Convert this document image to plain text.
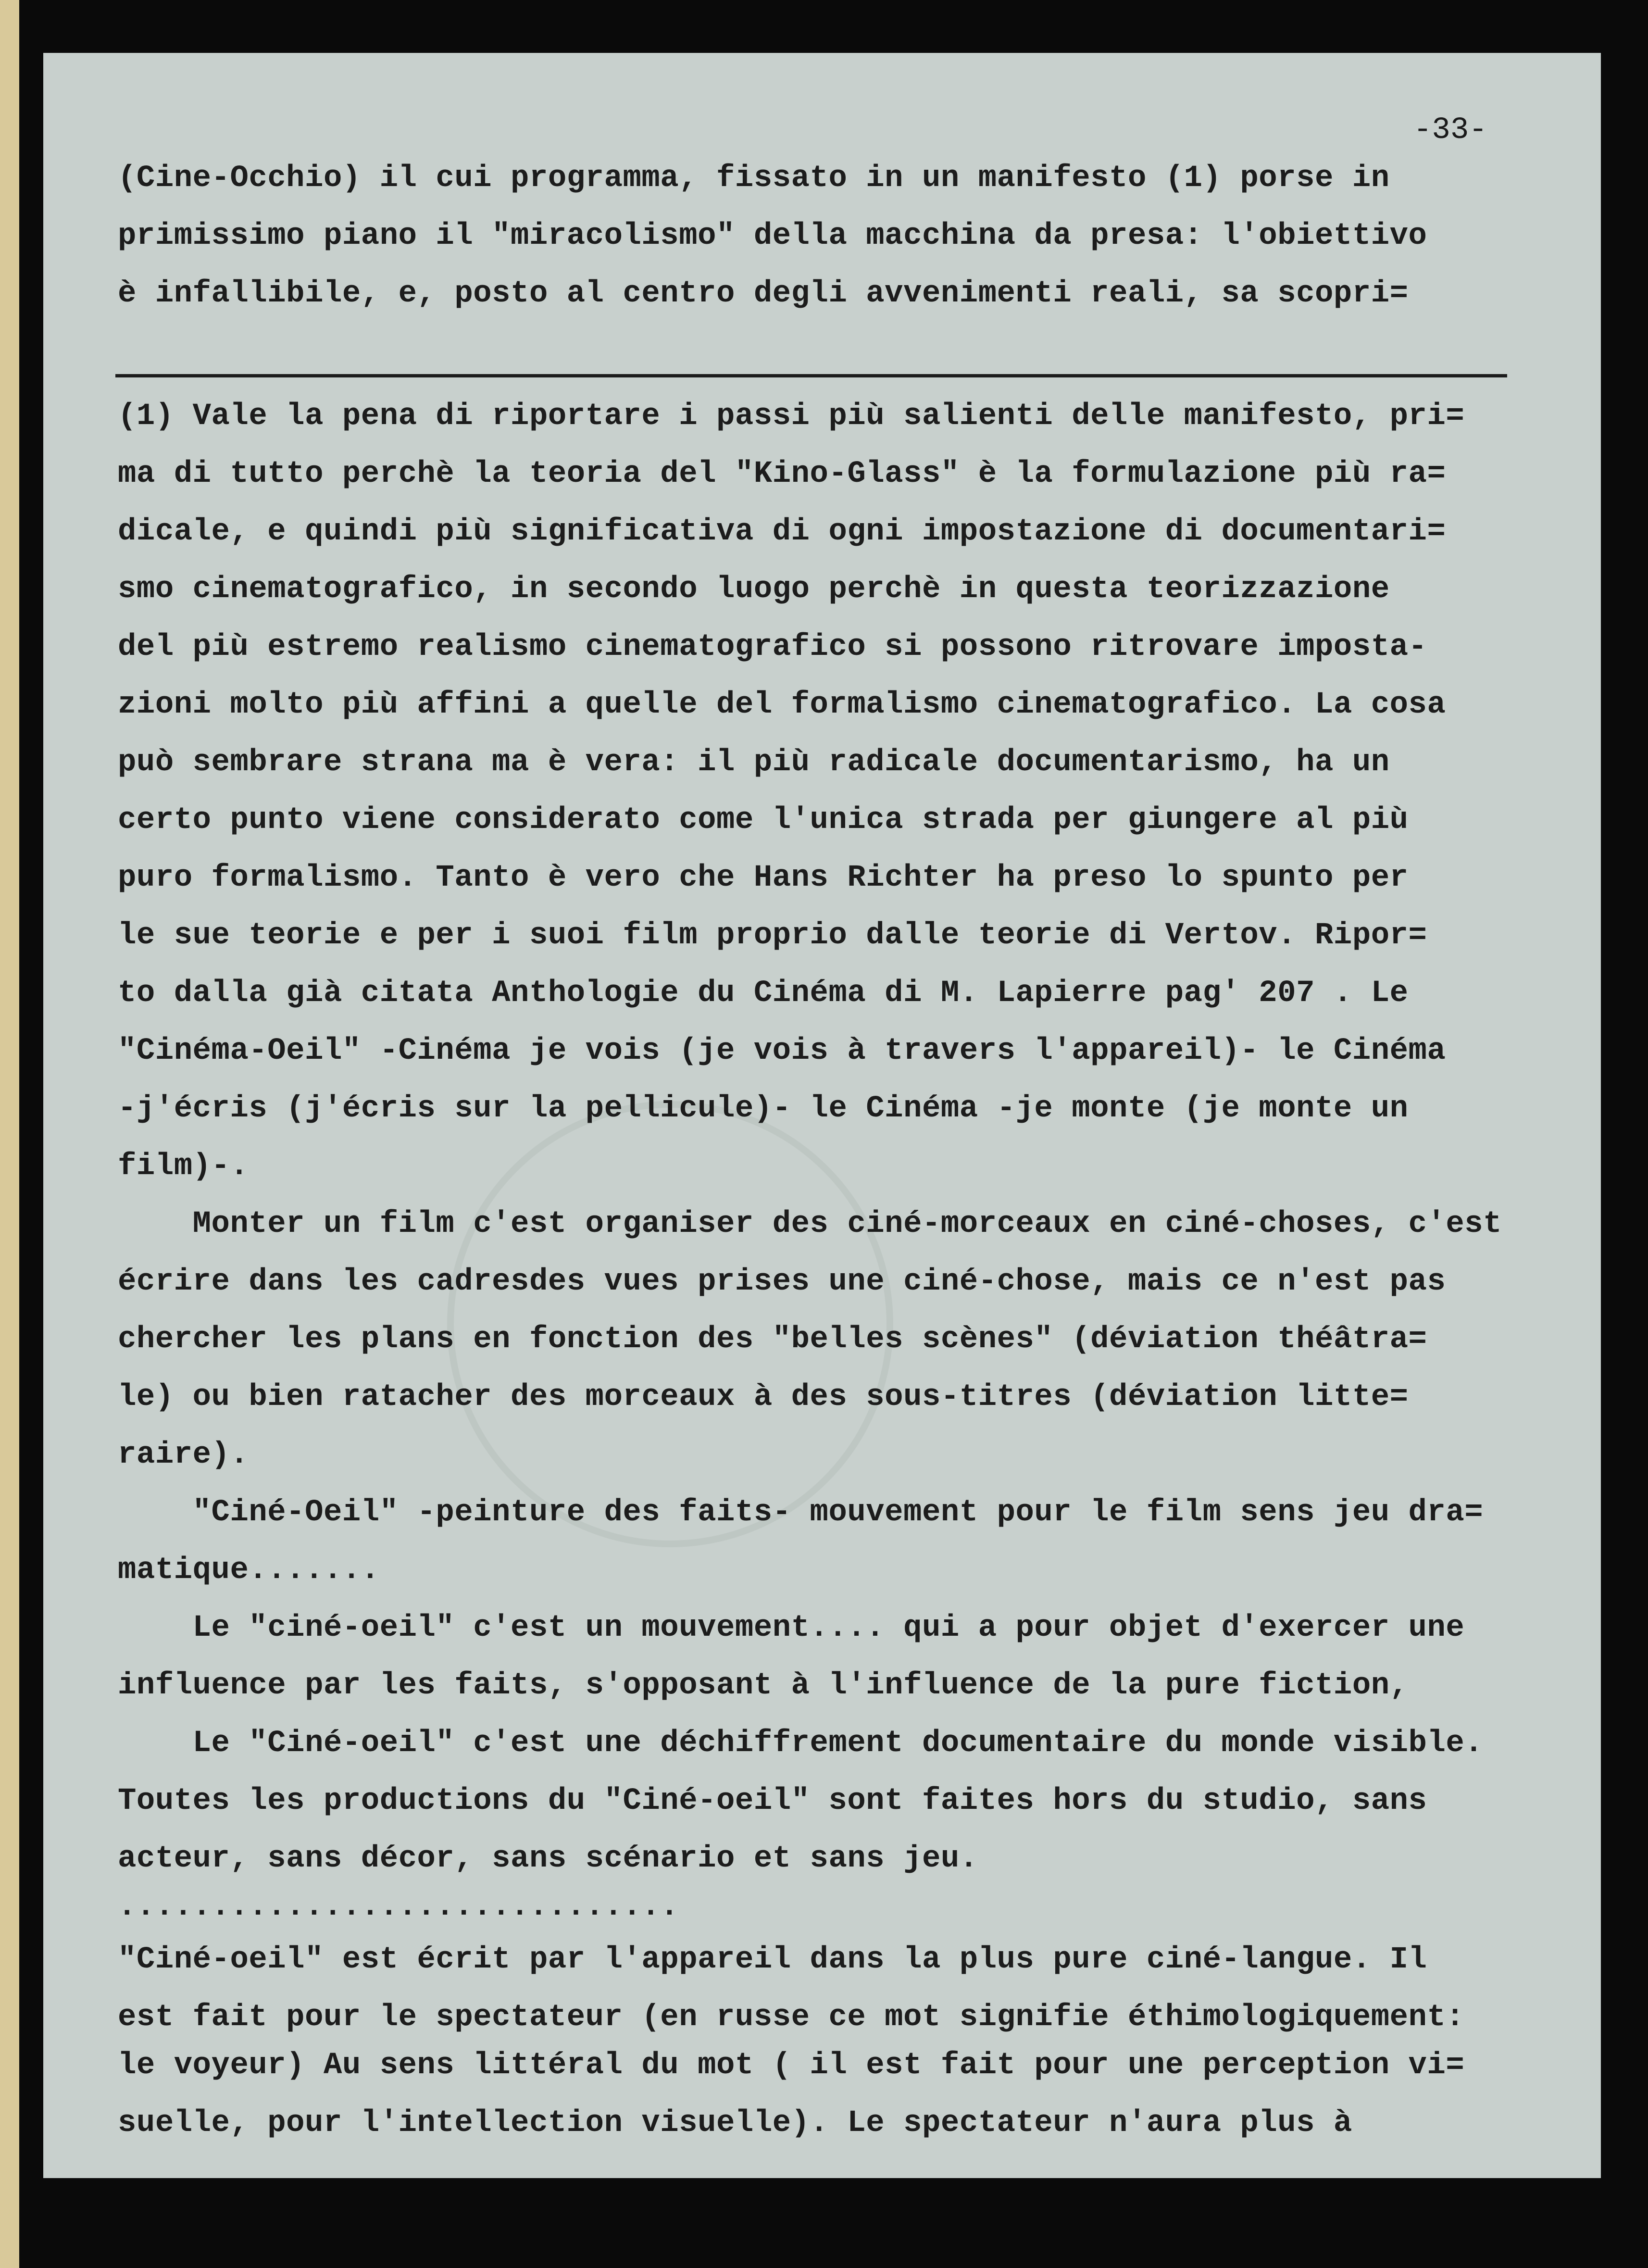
-33-

(Cine-Occhio) il cui programma, fissato in un manifesto (1) porse in

primissimo piano il "miracolismo" della macchina da presa: l'obiettivo

è infallibile, e, posto al centro degli avvenimenti reali, sa scopri=

(1) Vale la pena di riportare i passi più salienti delle manifesto, pri=

ma di tutto perchè la teoria del "Kino-Glass" è la formulazione più ra=

dicale, e quindi più significativa di ogni impostazione di documentari=

smo cinematografico, in secondo luogo perchè in questa teorizzazione

del più estremo realismo cinematografico si possono ritrovare imposta-

zioni molto più affini a quelle del formalismo cinematografico. La cosa

può sembrare strana ma è vera: il più radicale documentarismo, ha un

certo punto viene considerato come l'unica strada per giungere al più

puro formalismo. Tanto è vero che Hans Richter ha preso lo spunto per

le sue teorie e per i suoi film proprio dalle teorie di Vertov. Ripor=

to dalla già citata Anthologie du Cinéma di M. Lapierre pag' 207 . Le

"Cinéma-Oeil" -Cinéma je vois (je vois à travers l'appareil)- le Cinéma

-j'écris (j'écris sur la pellicule)- le Cinéma -je monte (je monte un

film)-.

Monter un film c'est organiser des ciné-morceaux en ciné-choses, c'est

écrire dans les cadresdes vues prises une ciné-chose, mais ce n'est pas

chercher les plans en fonction des "belles scènes" (déviation théâtra=

le) ou bien ratacher des morceaux à des sous-titres (déviation litte=

raire).

"Ciné-Oeil" -peinture des faits- mouvement pour le film sens jeu dra=

matique.......

Le "ciné-oeil" c'est un mouvement.... qui a pour objet d'exercer une

influence par les faits, s'opposant à l'influence de la pure fiction,

Le "Ciné-oeil" c'est une déchiffrement documentaire du monde visible.

Toutes les productions du "Ciné-oeil" sont faites hors du studio, sans

acteur, sans décor, sans scénario et sans jeu.

..............................

"Ciné-oeil" est écrit par l'appareil dans la plus pure ciné-langue. Il

est fait pour le spectateur (en russe ce mot signifie éthimologiquement:

le voyeur) Au sens littéral du mot ( il est fait pour une perception vi=

suelle, pour l'intellection visuelle). Le spectateur n'aura plus à
